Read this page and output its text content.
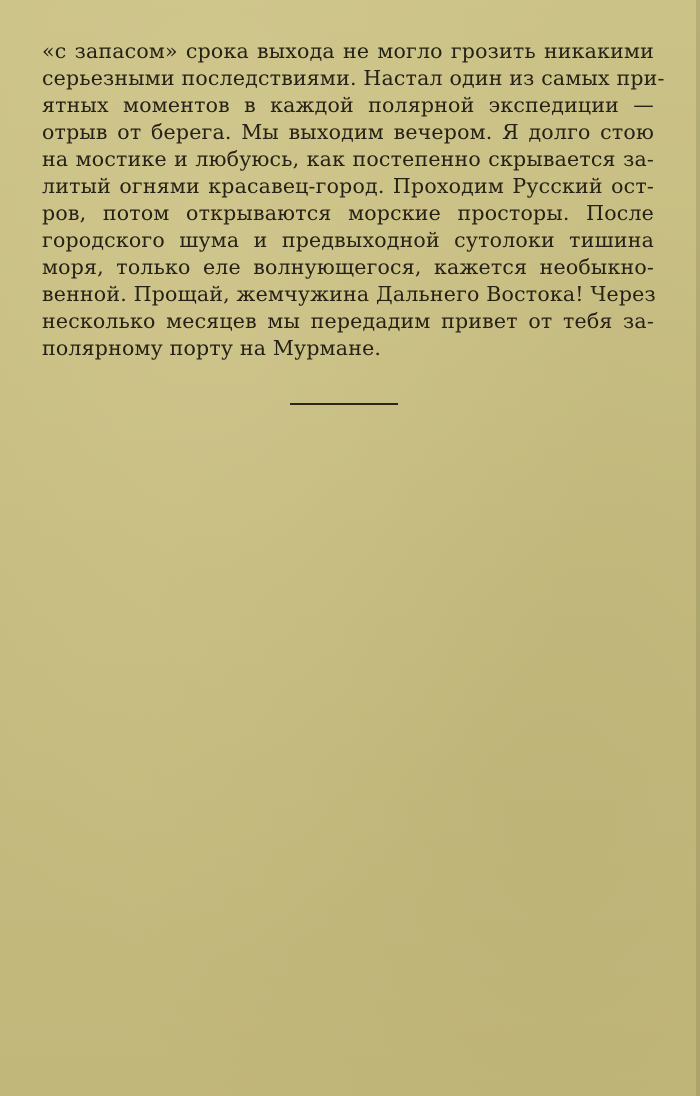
«с запасом» срока выхода не могло грозить никакими
серьезными последствиями. Настал один из самых при-
ятных моментов в каждой полярной экспедиции —
отрыв от берега. Мы выходим вечером. Я долго стою
на мостике и любуюсь, как постепенно скрывается за-
литый огнями красавец-город. Проходим Русский ост-
ров, потом открываются морские просторы. После
городского шума и предвыходной сутолоки тишина
моря, только еле волнующегося, кажется необыкно-
венной. Прощай, жемчужина Дальнего Востока! Через
несколько месяцев мы передадим привет от тебя за-
полярному порту на Мурмане.
